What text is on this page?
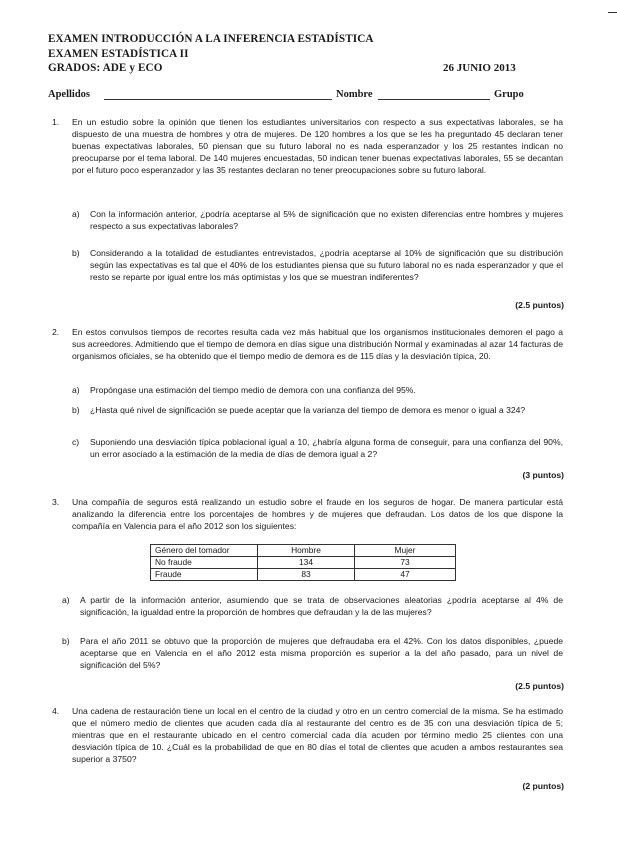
EXAMEN INTRODUCCIÓN A LA INFERENCIA ESTADÍSTICA
EXAMEN ESTADÍSTICA II
GRADOS: ADE y ECO	26 JUNIO 2013
Apellidos	Nombre	Grupo
1. En un estudio sobre la opinión que tienen los estudiantes universitarios con respecto a sus expectativas laborales, se ha dispuesto de una muestra de hombres y otra de mujeres. De 120 hombres a los que se les ha preguntado 45 declaran tener buenas expectativas laborales, 50 piensan que su futuro laboral no es nada esperanzador y los 25 restantes indican no preocuparse por el tema laboral. De 140 mujeres encuestadas, 50 indican tener buenas expectativas laborales, 55 se decantan por el futuro poco esperanzador y las 35 restantes declaran no tener preocupaciones sobre su futuro laboral.
a) Con la información anterior, ¿podría aceptarse al 5% de significación que no existen diferencias entre hombres y mujeres respecto a sus expectativas laborales?
b) Considerando a la totalidad de estudiantes entrevistados, ¿podría aceptarse al 10% de significación que su distribución según las expectativas es tal que el 40% de los estudiantes piensa que su futuro laboral no es nada esperanzador y que el resto se reparte por igual entre los más optimistas y los que se muestran indiferentes?
(2.5 puntos)
2. En estos convulsos tiempos de recortes resulta cada vez más habitual que los organismos institucionales demoren el pago a sus acreedores. Admitiendo que el tiempo de demora en días sigue una distribución Normal y examinadas al azar 14 facturas de organismos oficiales, se ha obtenido que el tiempo medio de demora es de 115 días y la desviación típica, 20.
a) Propóngase una estimación del tiempo medio de demora con una confianza del 95%.
b) ¿Hasta qué nivel de significación se puede aceptar que la varianza del tiempo de demora es menor o igual a 324?
c) Suponiendo una desviación típica poblacional igual a 10, ¿habría alguna forma de conseguir, para una confianza del 90%, un error asociado a la estimación de la media de días de demora igual a 2?
(3 puntos)
3. Una compañía de seguros está realizando un estudio sobre el fraude en los seguros de hogar. De manera particular está analizando la diferencia entre los porcentajes de hombres y de mujeres que defraudan. Los datos de los que dispone la compañía en Valencia para el año 2012 son los siguientes:
Género del tomador	Hombre	Mujer
No fraude	134	73
Fraude	83	47
a) A partir de la información anterior, asumiendo que se trata de observaciones aleatorias ¿podría aceptarse al 4% de significación, la igualdad entre la proporción de hombres que defraudan y la de las mujeres?
b) Para el año 2011 se obtuvo que la proporción de mujeres que defraudaba era el 42%. Con los datos disponibles, ¿puede aceptarse que en Valencia en el año 2012 esta misma proporción es superior a la del año pasado, para un nivel de significación del 5%?
(2.5 puntos)
4. Una cadena de restauración tiene un local en el centro de la ciudad y otro en un centro comercial de la misma. Se ha estimado que el número medio de clientes que acuden cada día al restaurante del centro es de 35 con una desviación típica de 5; mientras que en el restaurante ubicado en el centro comercial cada día acuden por término medio 25 clientes con una desviación típica de 10. ¿Cuál es la probabilidad de que en 80 días el total de clientes que acuden a ambos restaurantes sea superior a 3750?
(2 puntos)
